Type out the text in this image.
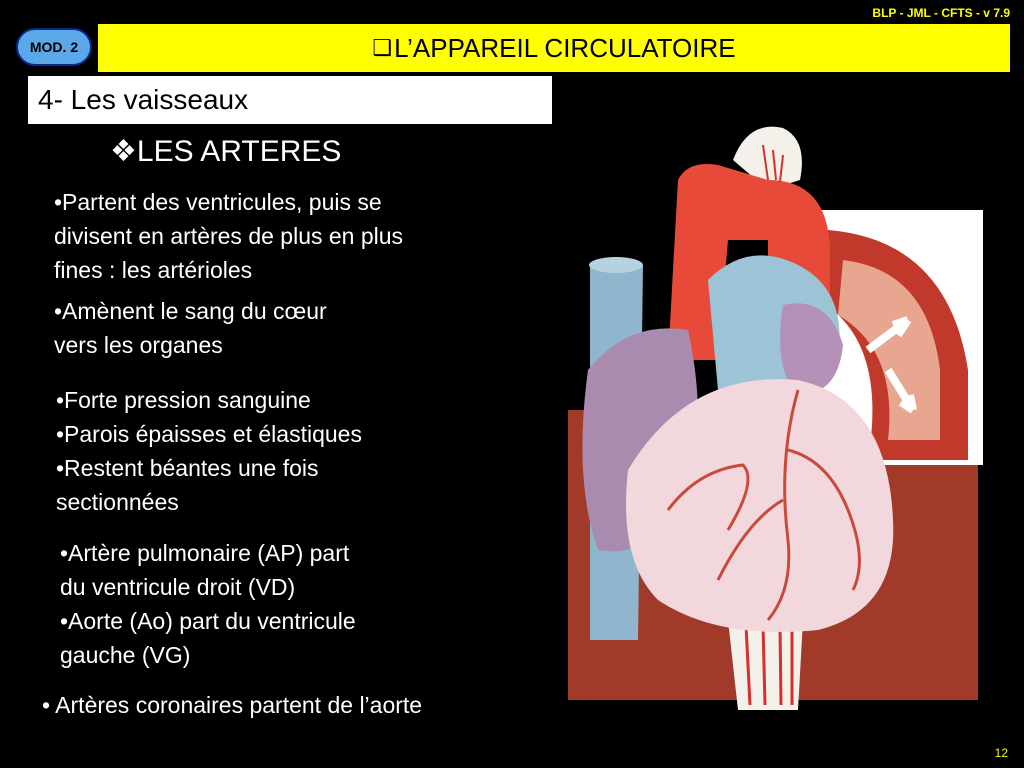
BLP - JML - CFTS - v 7.9
MOD. 2	❑ L’APPAREIL CIRCULATOIRE
4- Les vaisseaux
❖LES ARTERES
•Partent des ventricules, puis se
divisent en artères de plus en plus
fines : les artérioles
•Amènent le sang du cœur
vers les organes
•Forte pression sanguine
•Parois épaisses et élastiques
•Restent béantes une fois
sectionnées
•Artère pulmonaire (AP) part
du ventricule droit (VD)
•Aorte (Ao) part du ventricule
gauche (VG)
• Artères coronaires partent de l’aorte
12
